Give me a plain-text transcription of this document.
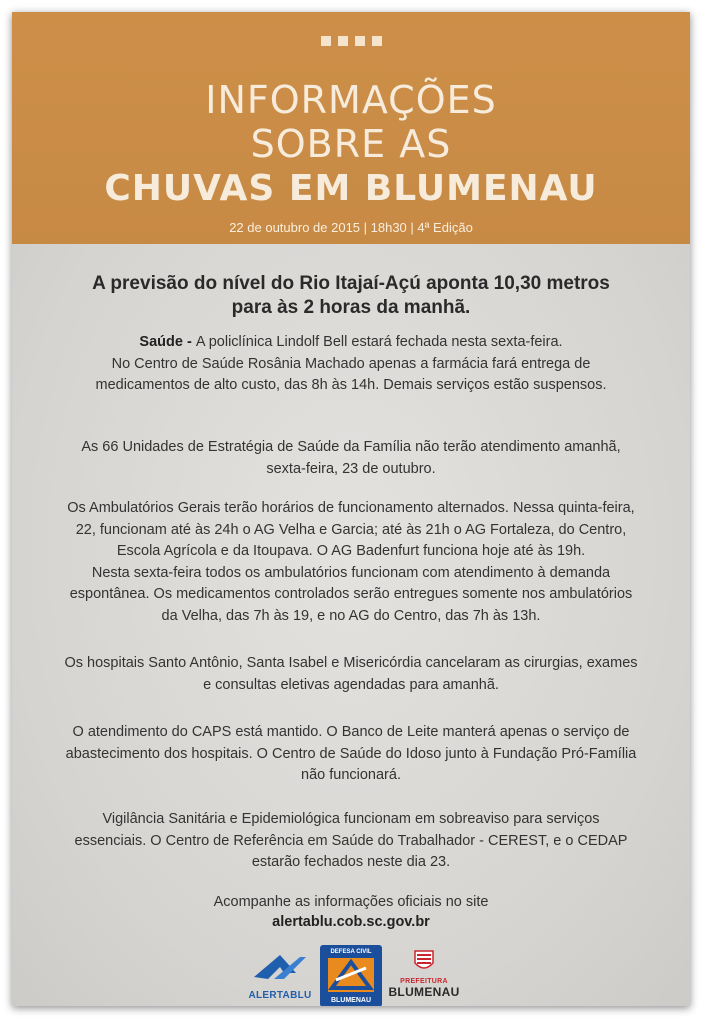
INFORMAÇÕES
SOBRE AS
CHUVAS EM BLUMENAU
22 de outubro de 2015 | 18h30 | 4ª Edição
A previsão do nível do Rio Itajaí-Açú aponta 10,30 metros
para às 2 horas da manhã.
Saúde - A policlínica Lindolf Bell estará fechada nesta sexta-feira.
No Centro de Saúde Rosânia Machado apenas a farmácia fará entrega de
medicamentos de alto custo, das 8h às 14h. Demais serviços estão suspensos.
As 66 Unidades de Estratégia de Saúde da Família não terão atendimento amanhã,
sexta-feira, 23 de outubro.
Os Ambulatórios Gerais terão horários de funcionamento alternados. Nessa quinta-feira,
22, funcionam até às 24h o AG Velha e Garcia; até às 21h o AG Fortaleza, do Centro,
Escola Agrícola e da Itoupava. O AG Badenfurt funciona hoje até às 19h.
Nesta sexta-feira todos os ambulatórios funcionam com atendimento à demanda
espontânea. Os medicamentos controlados serão entregues somente nos ambulatórios
da Velha, das 7h às 19, e no AG do Centro, das 7h às 13h.
Os hospitais Santo Antônio, Santa Isabel e Misericórdia cancelaram as cirurgias, exames
e consultas eletivas agendadas para amanhã.
O atendimento do CAPS está mantido. O Banco de Leite manterá apenas o serviço de
abastecimento dos hospitais. O Centro de Saúde do Idoso junto à Fundação Pró-Família
não funcionará.
Vigilância Sanitária e Epidemiológica funcionam em sobreaviso para serviços
essenciais. O Centro de Referência em Saúde do Trabalhador - CEREST, e o CEDAP
estarão fechados neste dia 23.
Acompanhe as informações oficiais no site
alertablu.cob.sc.gov.br
ALERTABLU
DEFESA CIVIL
BLUMENAU
PREFEITURA
BLUMENAU
